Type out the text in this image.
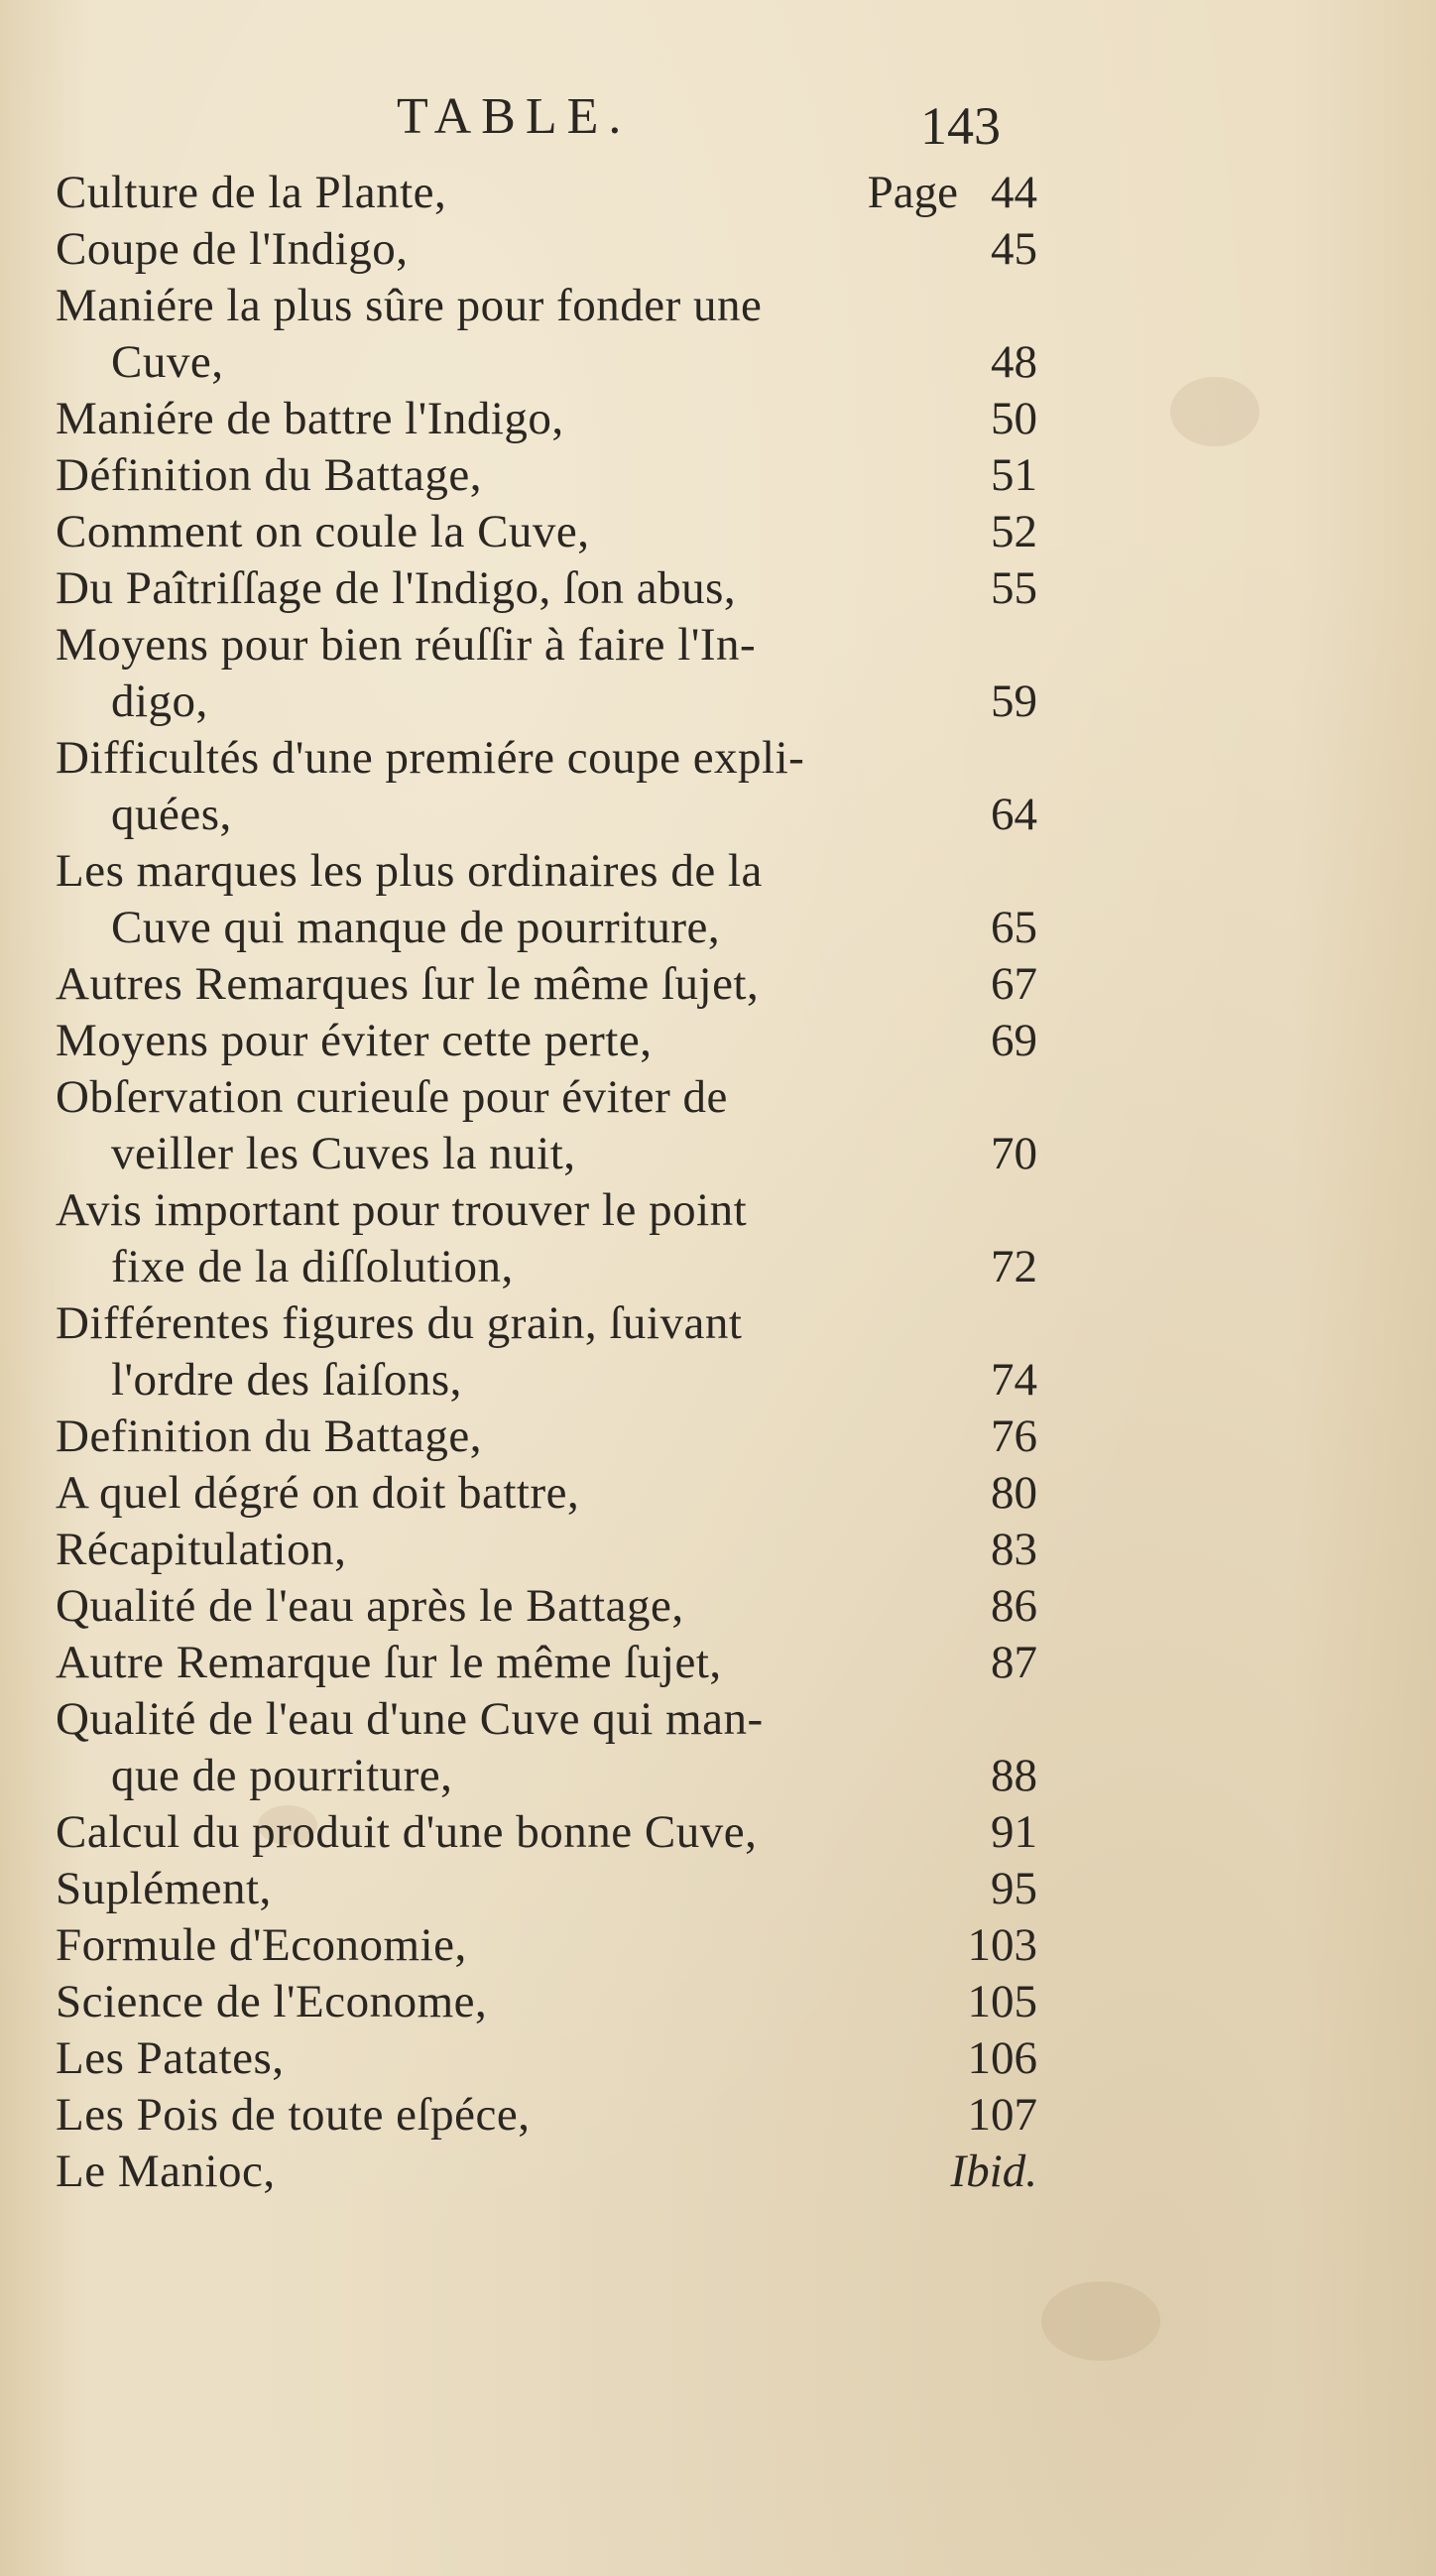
TABLE.	143
Culture de la Plante,	Page 44
Coupe de l'Indigo,	45
Maniére la plus sûre pour fonder une
Cuve,	48
Maniére de battre l'Indigo,	50
Définition du Battage,	51
Comment on coule la Cuve,	52
Du Paîtriſſage de l'Indigo, ſon abus,	55
Moyens pour bien réuſſir à faire l'In-
digo,	59
Difficultés d'une premiére coupe expli-
quées,	64
Les marques les plus ordinaires de la
Cuve qui manque de pourriture,	65
Autres Remarques ſur le même ſujet,	67
Moyens pour éviter cette perte,	69
Obſervation curieuſe pour éviter de
veiller les Cuves la nuit,	70
Avis important pour trouver le point
fixe de la diſſolution,	72
Différentes figures du grain, ſuivant
l'ordre des ſaiſons,	74
Definition du Battage,	76
A quel dégré on doit battre,	80
Récapitulation,	83
Qualité de l'eau après le Battage,	86
Autre Remarque ſur le même ſujet,	87
Qualité de l'eau d'une Cuve qui man-
que de pourriture,	88
Calcul du produit d'une bonne Cuve,	91
Suplément,	95
Formule d'Economie,	103
Science de l'Econome,	105
Les Patates,	106
Les Pois de toute eſpéce,	107
Le Manioc,	Ibid.
